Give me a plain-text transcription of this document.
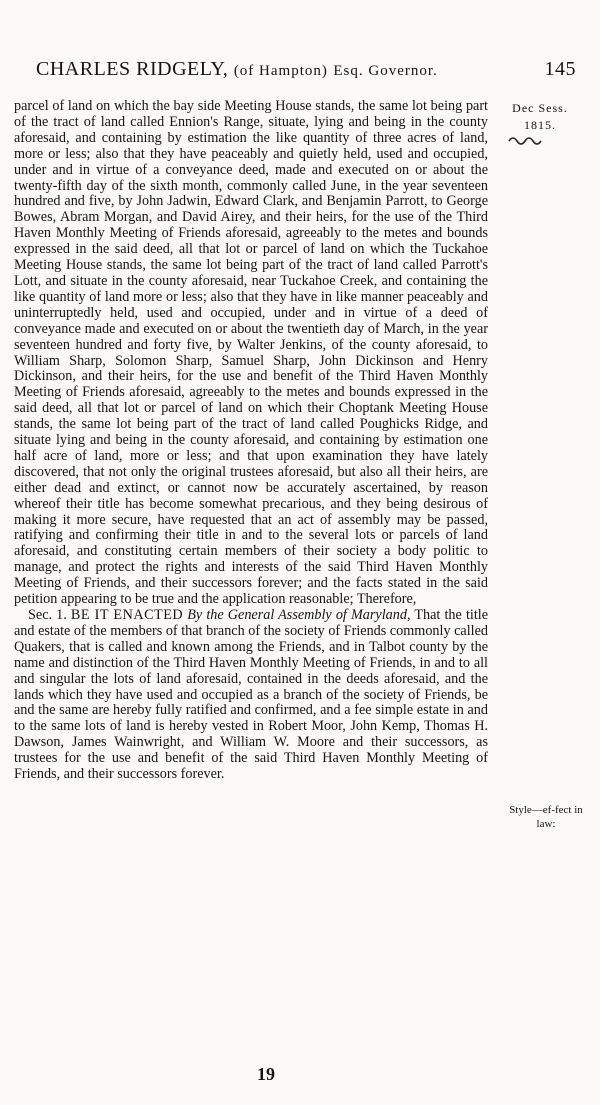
CHARLES RIDGELY, (of Hampton) Esq. Governor.	145
Dec Sess.
1815.

parcel of land on which the bay side Meeting House stands, the same lot being part of the tract of land called Ennion's Range, situate, lying and being in the county aforesaid, and containing by estimation the like quantity of three acres of land, more or less; also that they have peaceably and quietly held, used and occupied, under and in virtue of a conveyance deed, made and executed on or about the twenty-fifth day of the sixth month, commonly called June, in the year seventeen hundred and five, by John Jadwin, Edward Clark, and Benjamin Parrott, to George Bowes, Abram Morgan, and David Airey, and their heirs, for the use of the Third Haven Monthly Meeting of Friends aforesaid, agreeably to the metes and bounds expressed in the said deed, all that lot or parcel of land on which the Tuckahoe Meeting House stands, the same lot being part of the tract of land called Parrott's Lott, and situate in the county aforesaid, near Tuckahoe Creek, and containing the like quantity of land more or less; also that they have in like manner peaceably and uninterruptedly held, used and occupied, under and in virtue of a deed of conveyance made and executed on or about the twentieth day of March, in the year seventeen hundred and forty five, by Walter Jenkins, of the county aforesaid, to William Sharp, Solomon Sharp, Samuel Sharp, John Dickinson and Henry Dickinson, and their heirs, for the use and benefit of the Third Haven Monthly Meeting of Friends aforesaid, agreeably to the metes and bounds expressed in the said deed, all that lot or parcel of land on which their Choptank Meeting House stands, the same lot being part of the tract of land called Poughicks Ridge, and situate lying and being in the county aforesaid, and containing by estimation one half acre of land, more or less; and that upon examination they have lately discovered, that not only the original trustees aforesaid, but also all their heirs, are either dead and extinct, or cannot now be accurately ascertained, by reason whereof their title has become somewhat precarious, and they being desirous of making it more secure, have requested that an act of assembly may be passed, ratifying and confirming their title in and to the several lots or parcels of land aforesaid, and constituting certain members of their society a body politic to manage, and protect the rights and interests of the said Third Haven Monthly Meeting of Friends, and their successors forever; and the facts stated in the said petition appearing to be true and the application reasonable; Therefore,

Sec. 1. BE IT ENACTED By the General Assembly of Maryland, That the title and estate of the members of that branch of the society of Friends commonly called Quakers, that is called and known among the Friends, and in Talbot county by the name and distinction of the Third Haven Monthly Meeting of Friends, in and to all and singular the lots of land aforesaid, contained in the deeds aforesaid, and the lands which they have used and occupied as a branch of the society of Friends, be and the same are hereby fully ratified and confirmed, and a fee simple estate in and to the same lots of land is hereby vested in Robert Moor, John Kemp, Thomas H. Dawson, James Wainwright, and William W. Moore and their successors, as trustees for the use and benefit of the said Third Haven Monthly Meeting of Friends, and their successors forever.

Style—ef-fect in law:
19
